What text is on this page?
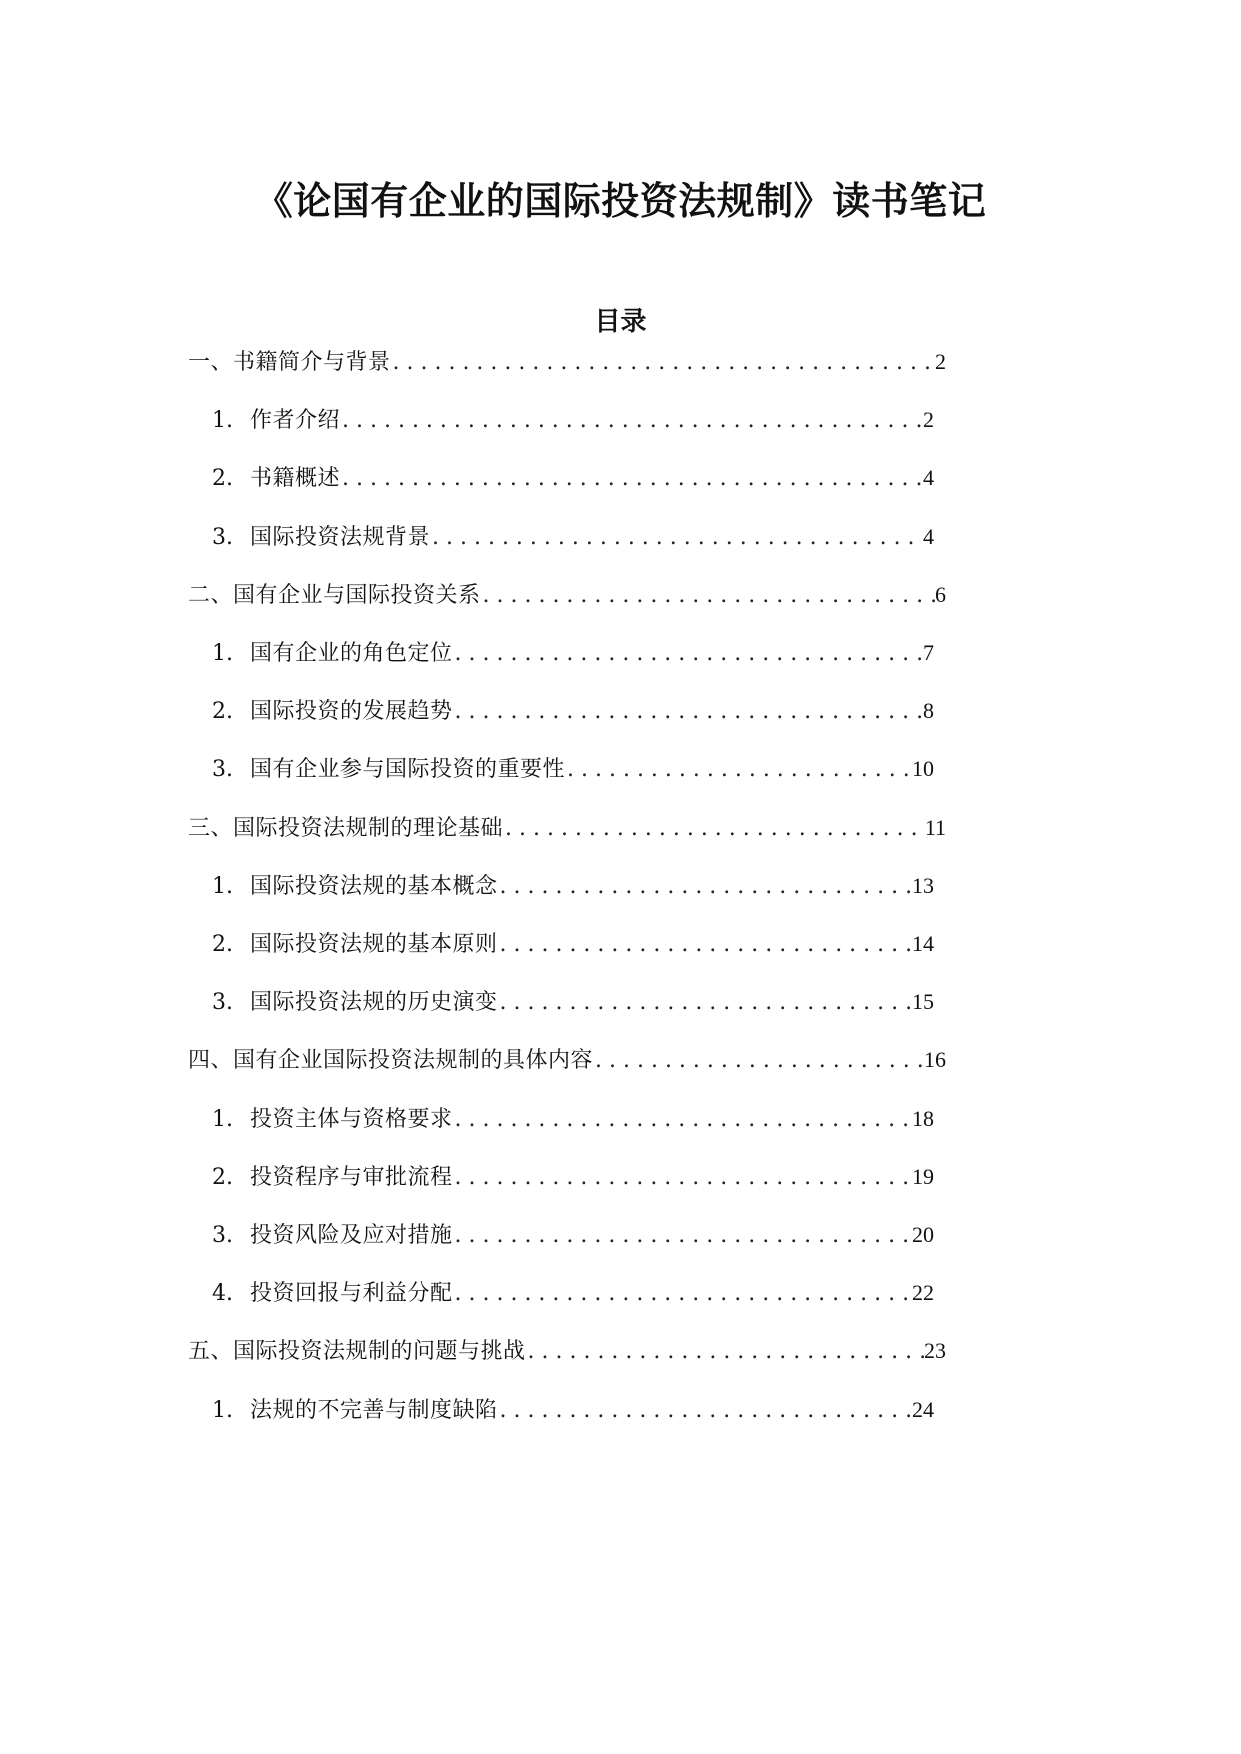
《论国有企业的国际投资法规制》读书笔记
目录
一、书籍简介与背景 . . .	2
1. 作者介绍 . . .	2
2. 书籍概述 . . .	4
3. 国际投资法规背景 . . .	4
二、国有企业与国际投资关系 . . .	6
1. 国有企业的角色定位 . . .	7
2. 国际投资的发展趋势 . . .	8
3. 国有企业参与国际投资的重要性 . . .	10
三、国际投资法规制的理论基础 . . .	11
1. 国际投资法规的基本概念 . . .	13
2. 国际投资法规的基本原则 . . .	14
3. 国际投资法规的历史演变 . . .	15
四、国有企业国际投资法规制的具体内容 . . .	16
1. 投资主体与资格要求 . . .	18
2. 投资程序与审批流程 . . .	19
3. 投资风险及应对措施 . . .	20
4. 投资回报与利益分配 . . .	22
五、国际投资法规制的问题与挑战 . . .	23
1. 法规的不完善与制度缺陷 . . .	24
